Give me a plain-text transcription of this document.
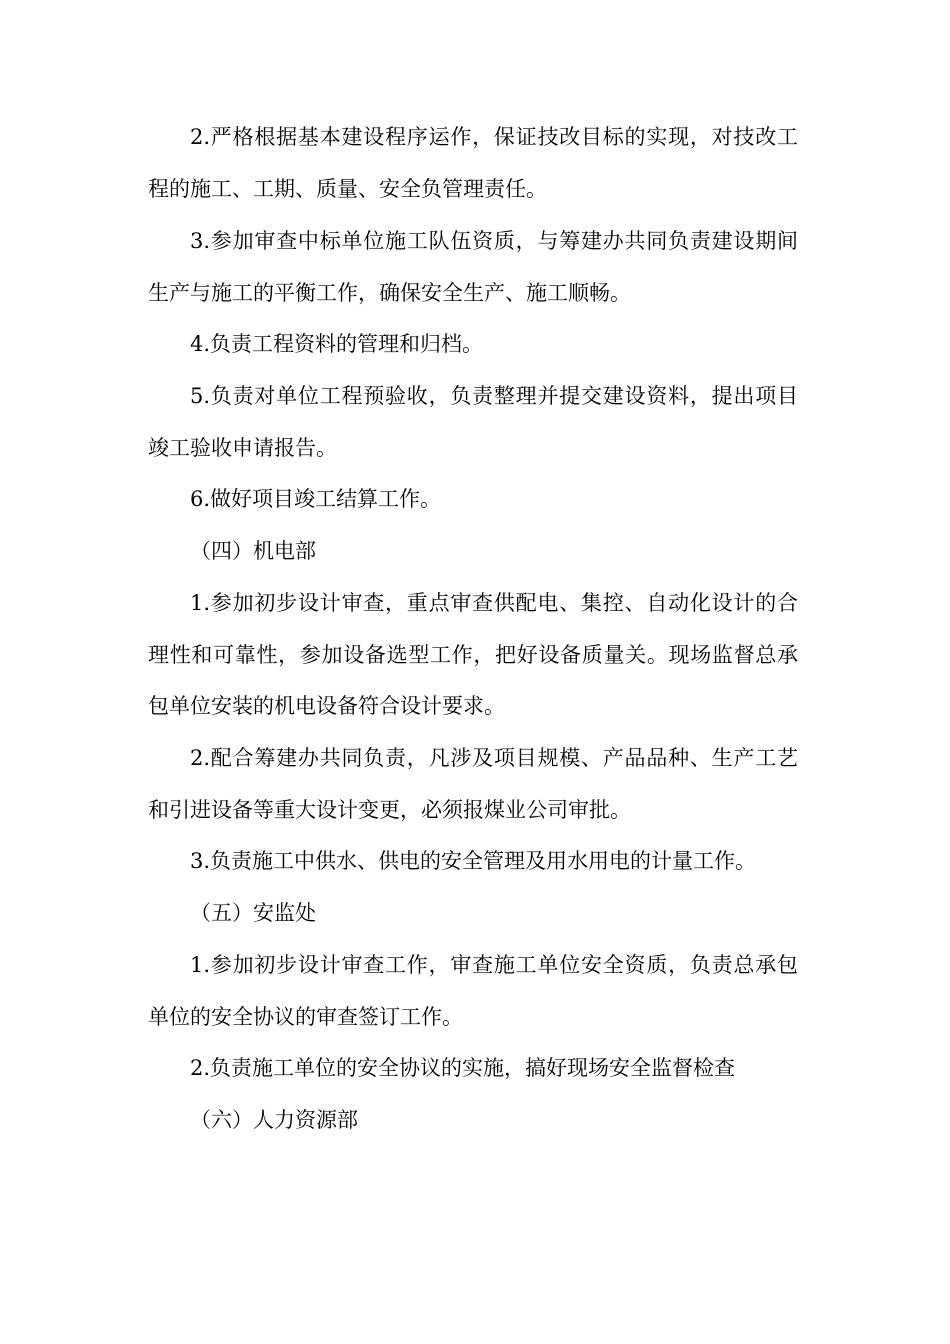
2.严格根据基本建设程序运作，保证技改目标的实现，对技改工程的施工、工期、质量、安全负管理责任。

3.参加审查中标单位施工队伍资质，与筹建办共同负责建设期间生产与施工的平衡工作，确保安全生产、施工顺畅。

4.负责工程资料的管理和归档。

5.负责对单位工程预验收，负责整理并提交建设资料，提出项目竣工验收申请报告。

6.做好项目竣工结算工作。

（四）机电部

1.参加初步设计审查，重点审查供配电、集控、自动化设计的合理性和可靠性，参加设备选型工作，把好设备质量关。现场监督总承包单位安装的机电设备符合设计要求。

2.配合筹建办共同负责，凡涉及项目规模、产品品种、生产工艺和引进设备等重大设计变更，必须报煤业公司审批。

3.负责施工中供水、供电的安全管理及用水用电的计量工作。

（五）安监处

1.参加初步设计审查工作，审查施工单位安全资质，负责总承包单位的安全协议的审查签订工作。

2.负责施工单位的安全协议的实施，搞好现场安全监督检查

（六）人力资源部
